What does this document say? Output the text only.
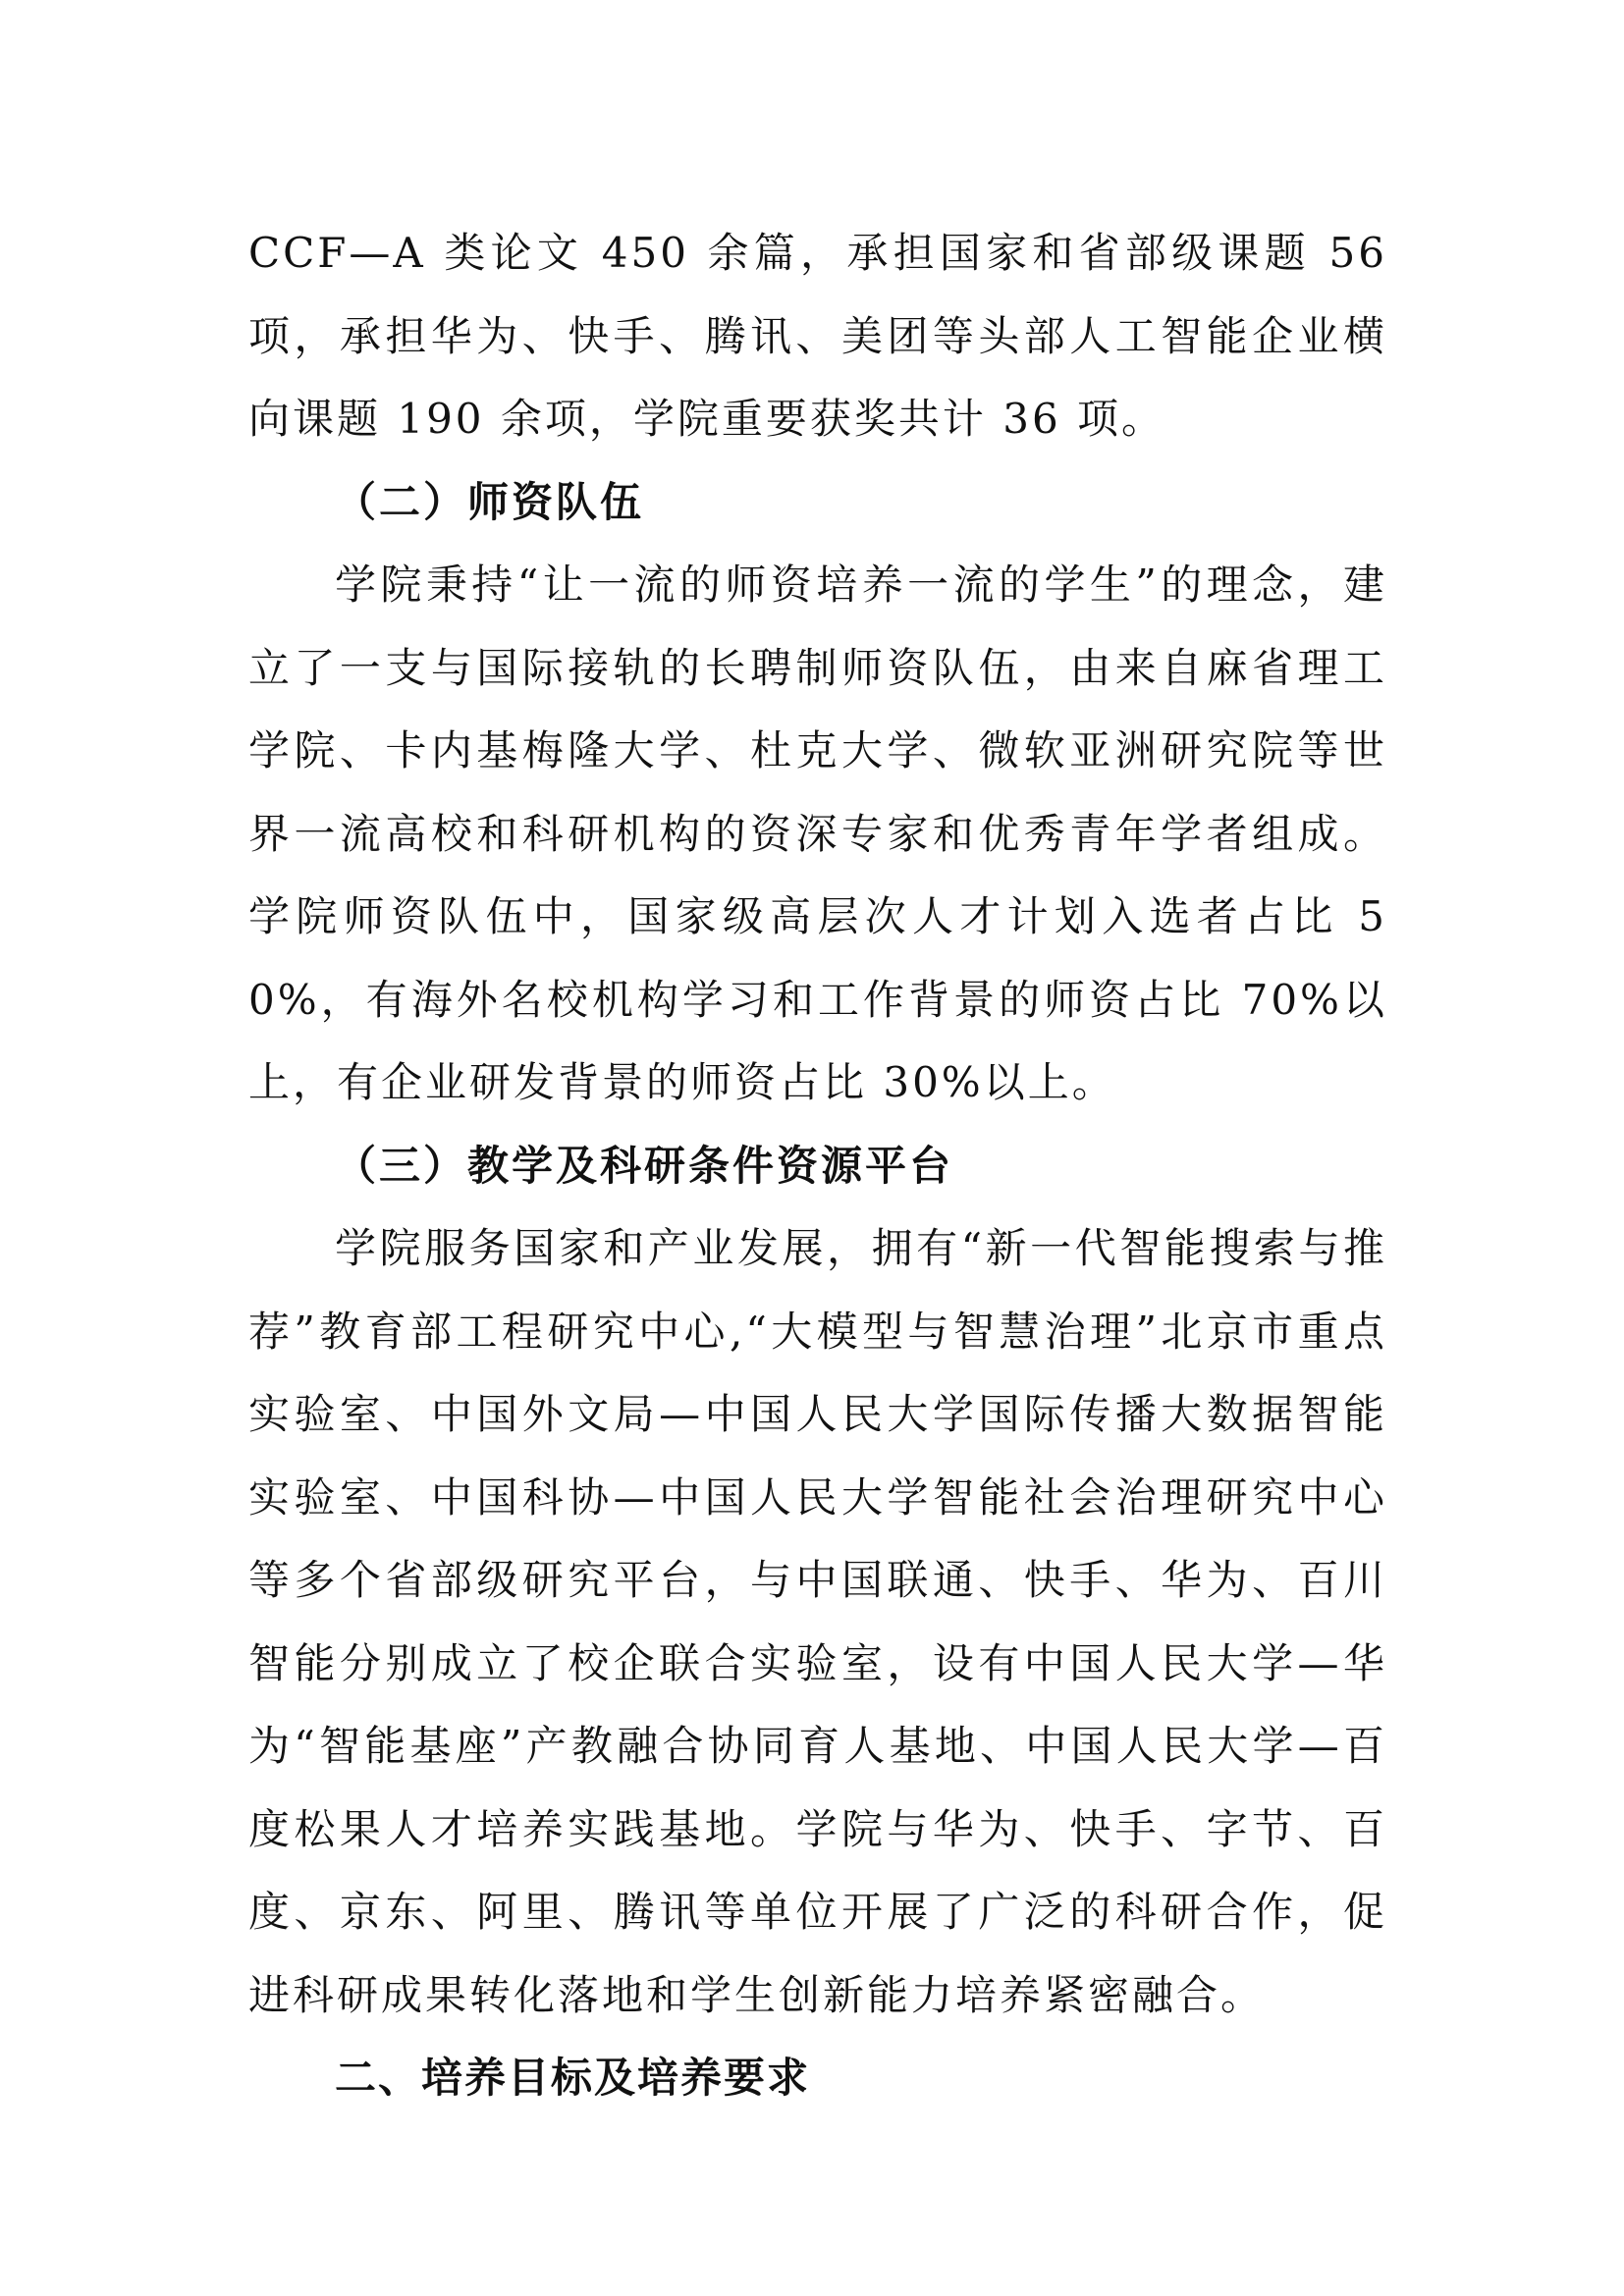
CCF—A 类论文 450 余篇，承担国家和省部级课题 56 项，承担华为、快手、腾讯、美团等头部人工智能企业横向课题 190 余项，学院重要获奖共计 36 项。

（二）师资队伍

学院秉持“让一流的师资培养一流的学生”的理念，建立了一支与国际接轨的长聘制师资队伍，由来自麻省理工学院、卡内基梅隆大学、杜克大学、微软亚洲研究院等世界一流高校和科研机构的资深专家和优秀青年学者组成。学院师资队伍中，国家级高层次人才计划入选者占比 50%，有海外名校机构学习和工作背景的师资占比 70%以上，有企业研发背景的师资占比 30%以上。

（三）教学及科研条件资源平台

学院服务国家和产业发展，拥有“新一代智能搜索与推荐”教育部工程研究中心,“大模型与智慧治理”北京市重点实验室、中国外文局—中国人民大学国际传播大数据智能实验室、中国科协—中国人民大学智能社会治理研究中心等多个省部级研究平台，与中国联通、快手、华为、百川智能分别成立了校企联合实验室，设有中国人民大学—华为“智能基座”产教融合协同育人基地、中国人民大学—百度松果人才培养实践基地。学院与华为、快手、字节、百度、京东、阿里、腾讯等单位开展了广泛的科研合作，促进科研成果转化落地和学生创新能力培养紧密融合。

二、培养目标及培养要求
